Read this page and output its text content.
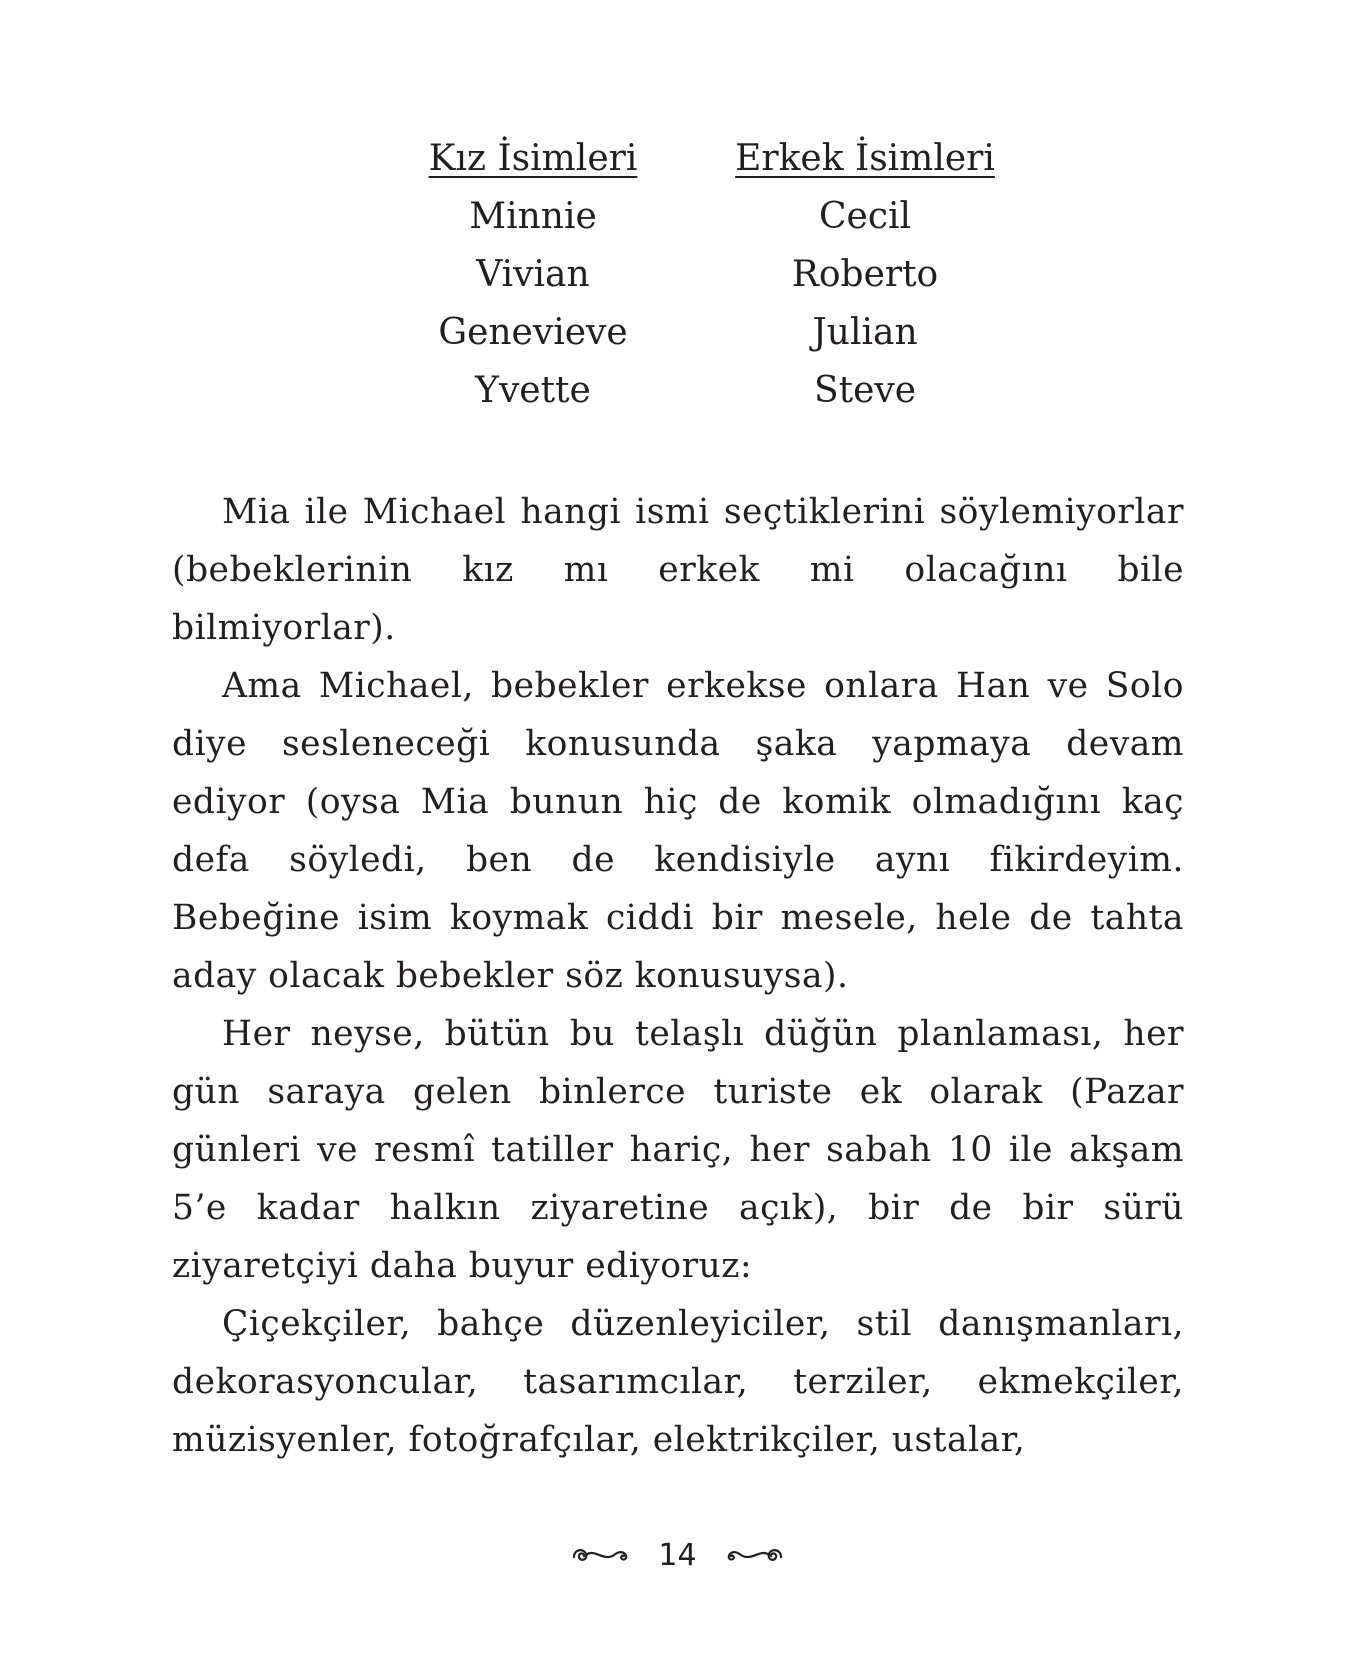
Kız İsimleri
Minnie
Vivian
Genevieve
Yvette
Erkek İsimleri
Cecil
Roberto
Julian
Steve

Mia ile Michael hangi ismi seçtiklerini söylemiyorlar (bebeklerinin kız mı erkek mi olacağını bile bilmiyorlar).

Ama Michael, bebekler erkekse onlara Han ve Solo diye sesleneceği konusunda şaka yapmaya devam ediyor (oysa Mia bunun hiç de komik olmadığını kaç defa söyledi, ben de kendisiyle aynı fikirdeyim. Bebeğine isim koymak ciddi bir mesele, hele de tahta aday olacak bebekler söz konusuysa).

Her neyse, bütün bu telaşlı düğün planlaması, her gün saraya gelen binlerce turiste ek olarak (Pazar günleri ve resmî tatiller hariç, her sabah 10 ile akşam 5’e kadar halkın ziyaretine açık), bir de bir sürü ziyaretçiyi daha buyur ediyoruz:

Çiçekçiler, bahçe düzenleyiciler, stil danışmanları, dekorasyoncular, tasarımcılar, terziler, ekmekçiler, müzisyenler, fotoğrafçılar, elektrikçiler, ustalar,

14
